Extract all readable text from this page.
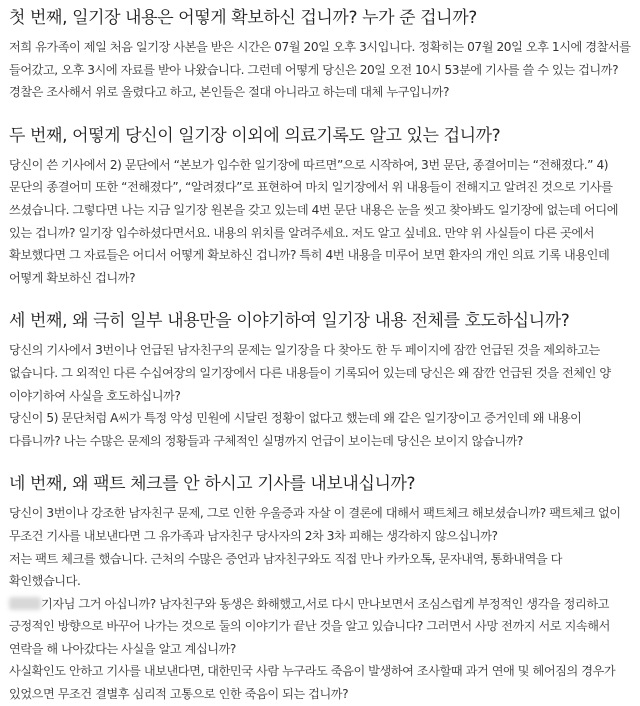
첫 번째, 일기장 내용은 어떻게 확보하신 겁니까? 누가 준 겁니까?

저희 유가족이 제일 처음 일기장 사본을 받은 시간은 07월 20일 오후 3시입니다. 정확히는 07월 20일 오후 1시에 경찰서를 들어갔고, 오후 3시에 자료를 받아 나왔습니다. 그런데 어떻게 당신은 20일 오전 10시 53분에 기사를 쓸 수 있는 겁니까? 경찰은 조사해서 위로 올렸다고 하고, 본인들은 절대 아니라고 하는데 대체 누구입니까?

두 번째, 어떻게 당신이 일기장 이외에 의료기록도 알고 있는 겁니까?

당신이 쓴 기사에서 2) 문단에서 “본보가 입수한 일기장에 따르면”으로 시작하여, 3번 문단, 종결어미는 “전해졌다.” 4) 문단의 종결어미 또한 “전해졌다”, “알려졌다”로 표현하여 마치 일기장에서 위 내용들이 전해지고 알려진 것으로 기사를 쓰셨습니다. 그렇다면 나는 지금 일기장 원본을 갖고 있는데 4번 문단 내용은 눈을 씻고 찾아봐도 일기장에 없는데 어디에 있는 겁니까? 일기장 입수하셨다면서요. 내용의 위치를 알려주세요. 저도 알고 싶네요. 만약 위 사실들이 다른 곳에서 확보했다면 그 자료들은 어디서 어떻게 확보하신 겁니까? 특히 4번 내용을 미루어 보면 환자의 개인 의료 기록 내용인데 어떻게 확보하신 겁니까?

세 번째, 왜 극히 일부 내용만을 이야기하여 일기장 내용 전체를 호도하십니까?

당신의 기사에서 3번이나 언급된 남자친구의 문제는 일기장을 다 찾아도 한 두 페이지에 잠깐 언급된 것을 제외하고는 없습니다. 그 외적인 다른 수십여장의 일기장에서 다른 내용들이 기록되어 있는데 당신은 왜 잠깐 언급된 것을 전체인 양 이야기하여 사실을 호도하십니까?

당신이 5) 문단처럼 A씨가 특정 악성 민원에 시달린 정황이 없다고 했는데 왜 같은 일기장이고 증거인데 왜 내용이 다릅니까? 나는 수많은 문제의 정황들과 구체적인 실명까지 언급이 보이는데 당신은 보이지 않습니까?

네 번째, 왜 팩트 체크를 안 하시고 기사를 내보내십니까?

당신이 3번이나 강조한 남자친구 문제, 그로 인한 우울증과 자살 이 결론에 대해서 팩트체크 해보셨습니까? 팩트체크 없이 무조건 기사를 내보낸다면 그 유가족과 남자친구 당사자의 2차 3차 피해는 생각하지 않으십니까?

저는 팩트 체크를 했습니다. 근처의 수많은 증언과 남자친구와도 직접 만나 카카오톡, 문자내역, 통화내역을 다 확인했습니다.

기자님 그거 아십니까? 남자친구와 동생은 화해했고,서로 다시 만나보면서 조심스럽게 부정적인 생각을 정리하고 긍정적인 방향으로 바꾸어 나가는 것으로 둘의 이야기가 끝난 것을 알고 있습니다? 그러면서 사망 전까지 서로 지속해서 연락을 해 나아갔다는 사실을 알고 계십니까?

사실확인도 안하고 기사를 내보낸다면, 대한민국 사람 누구라도 죽음이 발생하여 조사할때 과거 연애 및 헤어짐의 경우가 있었으면 무조건 결별후 심리적 고통으로 인한 죽음이 되는 겁니까?
